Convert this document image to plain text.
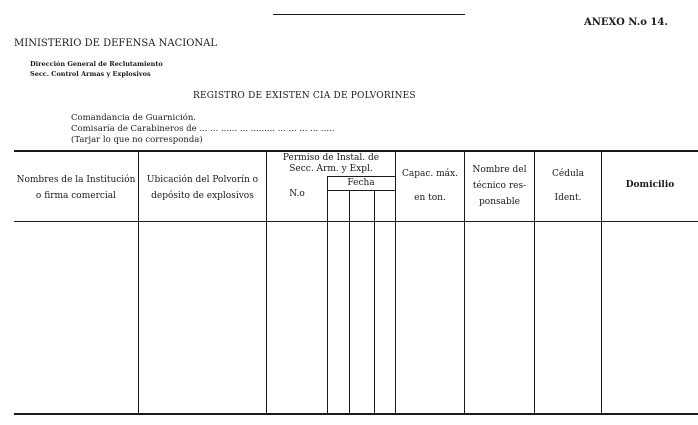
ANEXO N.o 14.
MINISTERIO DE DEFENSA NACIONAL
Dirección General de Reclutamiento
Secc. Control Armas y Explosivos
REGISTRO DE EXISTEN CIA DE POLVORINES
Comandancia de Guarnición.
Comisaría de Carabineros de ... ... ...... ... ......... ... ... ... ... .....
(Tarjar lo que no corresponda)
Nombres de la Institución
o firma comercial
Ubicación del Polvorín o
depósito de explosivos
Permiso de Instal. de
Secc. Arm. y Expl.
N.o
Fecha
Capac. máx.
en ton.
Nombre del
técnico res-
ponsable
Cédula
Ident.
Domicilio
